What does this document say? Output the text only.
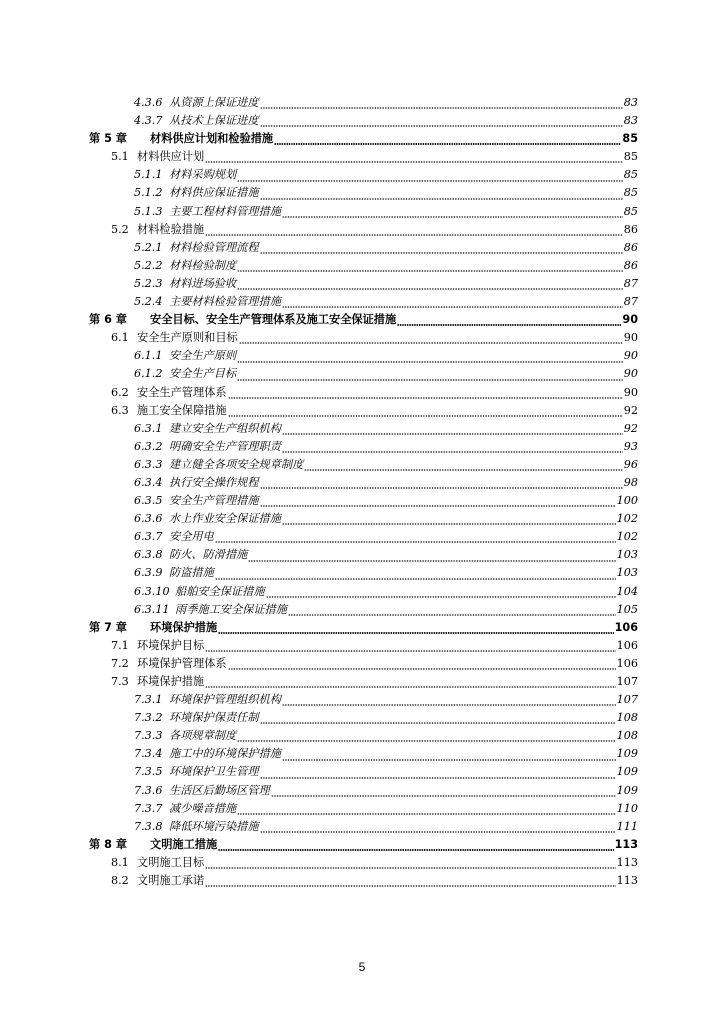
4.3.6 从资源上保证进度	83
4.3.7 从技术上保证进度	83
第 5 章 材料供应计划和检验措施	85
5.1 材料供应计划	85
5.1.1 材料采购规划	85
5.1.2 材料供应保证措施	85
5.1.3 主要工程材料管理措施	85
5.2 材料检验措施	86
5.2.1 材料检验管理流程	86
5.2.2 材料检验制度	86
5.2.3 材料进场验收	87
5.2.4 主要材料检验管理措施	87
第 6 章 安全目标、安全生产管理体系及施工安全保证措施	90
6.1 安全生产原则和目标	90
6.1.1 安全生产原则	90
6.1.2 安全生产目标	90
6.2 安全生产管理体系	90
6.3 施工安全保障措施	92
6.3.1 建立安全生产组织机构	92
6.3.2 明确安全生产管理职责	93
6.3.3 建立健全各项安全规章制度	96
6.3.4 执行安全操作规程	98
6.3.5 安全生产管理措施	100
6.3.6 水上作业安全保证措施	102
6.3.7 安全用电	102
6.3.8 防火、防滑措施	103
6.3.9 防盗措施	103
6.3.10 船舶安全保证措施	104
6.3.11 雨季施工安全保证措施	105
第 7 章 环境保护措施	106
7.1 环境保护目标	106
7.2 环境保护管理体系	106
7.3 环境保护措施	107
7.3.1 环境保护管理组织机构	107
7.3.2 环境保护保责任制	108
7.3.3 各项规章制度	108
7.3.4 施工中的环境保护措施	109
7.3.5 环境保护卫生管理	109
7.3.6 生活区后勤场区管理	109
7.3.7 减少噪音措施	110
7.3.8 降低环境污染措施	111
第 8 章 文明施工措施	113
8.1 文明施工目标	113
8.2 文明施工承诺	113
5
